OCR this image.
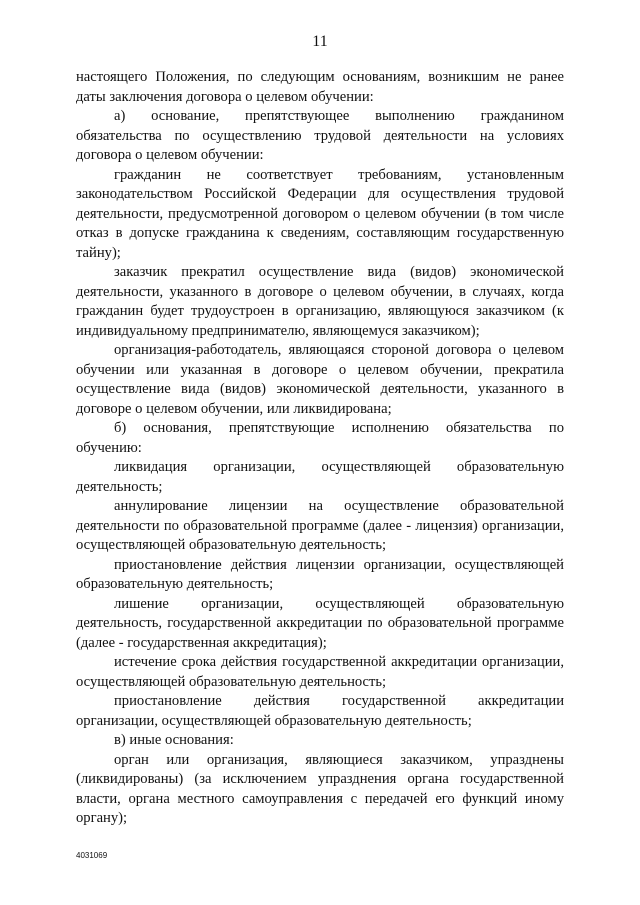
11

настоящего Положения, по следующим основаниям, возникшим не ранее даты заключения договора о целевом обучении:

а) основание, препятствующее выполнению гражданином обязательства по осуществлению трудовой деятельности на условиях договора о целевом обучении:

гражданин не соответствует требованиям, установленным законодательством Российской Федерации для осуществления трудовой деятельности, предусмотренной договором о целевом обучении (в том числе отказ в допуске гражданина к сведениям, составляющим государственную тайну);

заказчик прекратил осуществление вида (видов) экономической деятельности, указанного в договоре о целевом обучении, в случаях, когда гражданин будет трудоустроен в организацию, являющуюся заказчиком (к индивидуальному предпринимателю, являющемуся заказчиком);

организация-работодатель, являющаяся стороной договора о целевом обучении или указанная в договоре о целевом обучении, прекратила осуществление вида (видов) экономической деятельности, указанного в договоре о целевом обучении, или ликвидирована;

б) основания, препятствующие исполнению обязательства по обучению:

ликвидация организации, осуществляющей образовательную деятельность;

аннулирование лицензии на осуществление образовательной деятельности по образовательной программе (далее - лицензия) организации, осуществляющей образовательную деятельность;

приостановление действия лицензии организации, осуществляющей образовательную деятельность;

лишение организации, осуществляющей образовательную деятельность, государственной аккредитации по образовательной программе (далее - государственная аккредитация);

истечение срока действия государственной аккредитации организации, осуществляющей образовательную деятельность;

приостановление действия государственной аккредитации организации, осуществляющей образовательную деятельность;

в) иные основания:

орган или организация, являющиеся заказчиком, упразднены (ликвидированы) (за исключением упразднения органа государственной власти, органа местного самоуправления с передачей его функций иному органу);

4031069
